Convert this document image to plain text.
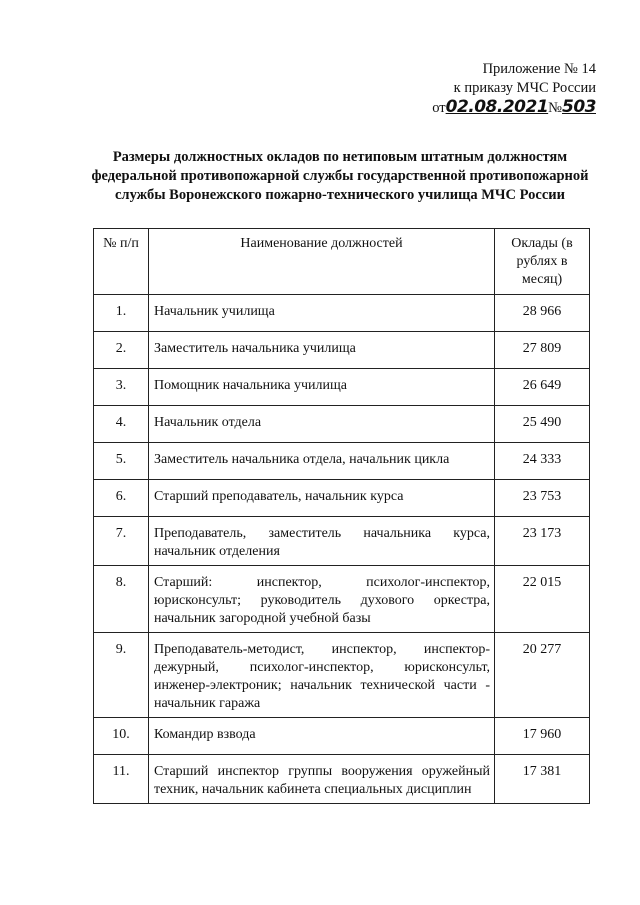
Приложение № 14
к приказу МЧС России
от02.08.2021№503
Размеры должностных окладов по нетиповым штатным должностям федеральной противопожарной службы государственной противопожарной службы Воронежского пожарно-технического училища МЧС России
№ п/п	Наименование должностей	Оклады (в рублях в месяц)
1.	Начальник училища	28 966
2.	Заместитель начальника училища	27 809
3.	Помощник начальника училища	26 649
4.	Начальник отдела	25 490
5.	Заместитель начальника отдела, начальник цикла	24 333
6.	Старший преподаватель, начальник курса	23 753
7.	Преподаватель, заместитель начальника курса, начальник отделения	23 173
8.	Старший: инспектор, психолог-инспектор, юрисконсульт; руководитель духового оркестра, начальник загородной учебной базы	22 015
9.	Преподаватель-методист, инспектор, инспектор-дежурный, психолог-инспектор, юрисконсульт, инженер-электроник; начальник технической части - начальник гаража	20 277
10.	Командир взвода	17 960
11.	Старший инспектор группы вооружения оружейный техник, начальник кабинета специальных дисциплин	17 381
